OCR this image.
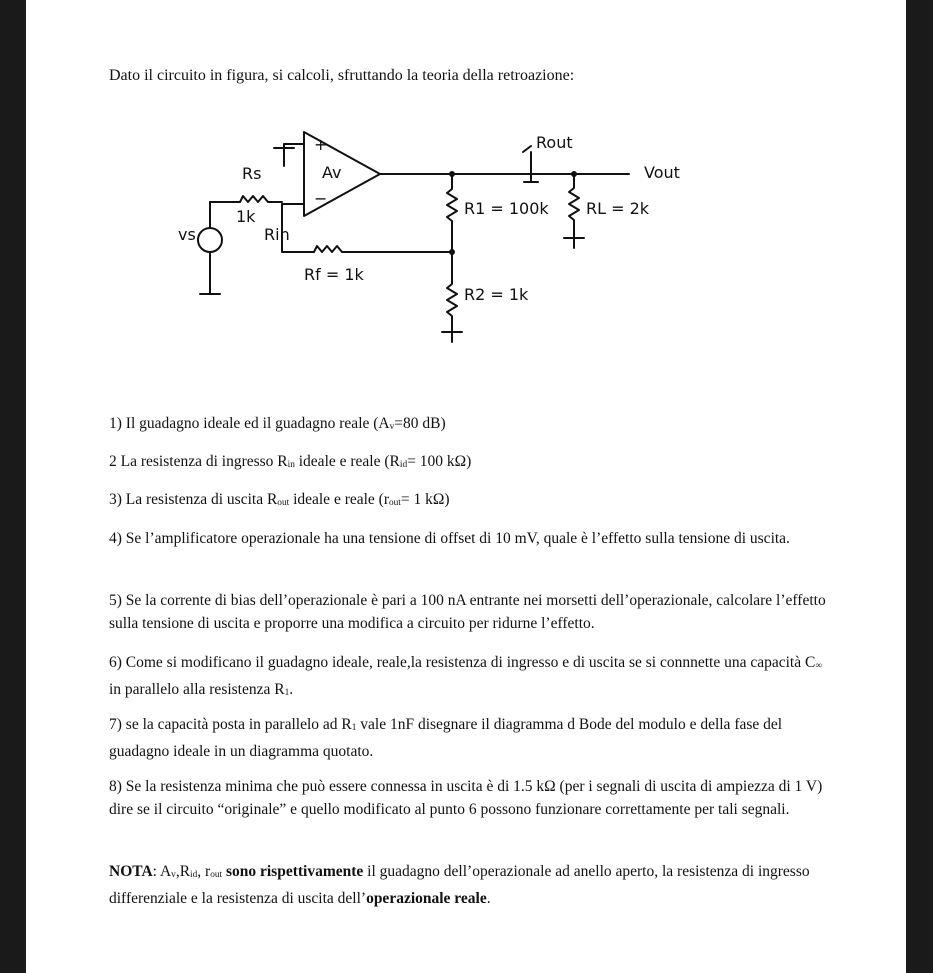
Dato il circuito in figura, si calcoli, sfruttando la teoria della retroazione:
+
−
Av
Rs
1k
Rin
vs
Rout
Vout
R1 = 100k RL = 2k
Rf = 1k
R2 = 1k
1) Il guadagno ideale ed il guadagno reale (Av=80 dB)
2 La resistenza di ingresso Rin ideale e reale (Rid= 100 kΩ)
3) La resistenza di uscita Rout ideale e reale (rout= 1 kΩ)
4) Se l’amplificatore operazionale ha una tensione di offset di 10 mV, quale è l’effetto sulla tensione di uscita.
5) Se la corrente di bias dell’operazionale è pari a 100 nA entrante nei morsetti dell’operazionale, calcolare l’effetto sulla tensione di uscita e proporre una modifica a circuito per ridurne l’effetto.
6) Come si modificano il guadagno ideale, reale,la resistenza di ingresso e di uscita se si connnette una capacità C∞ in parallelo alla resistenza R1.
7) se la capacità posta in parallelo ad R1 vale 1nF disegnare il diagramma d Bode del modulo e della fase del guadagno ideale in un diagramma quotato.
8) Se la resistenza minima che può essere connessa in uscita è di 1.5 kΩ (per i segnali di uscita di ampiezza di 1 V) dire se il circuito “originale” e quello modificato al punto 6 possono funzionare correttamente per tali segnali.
NOTA: Av,Rid, rout sono rispettivamente il guadagno dell’operazionale ad anello aperto, la resistenza di ingresso differenziale e la resistenza di uscita dell’operazionale reale.
